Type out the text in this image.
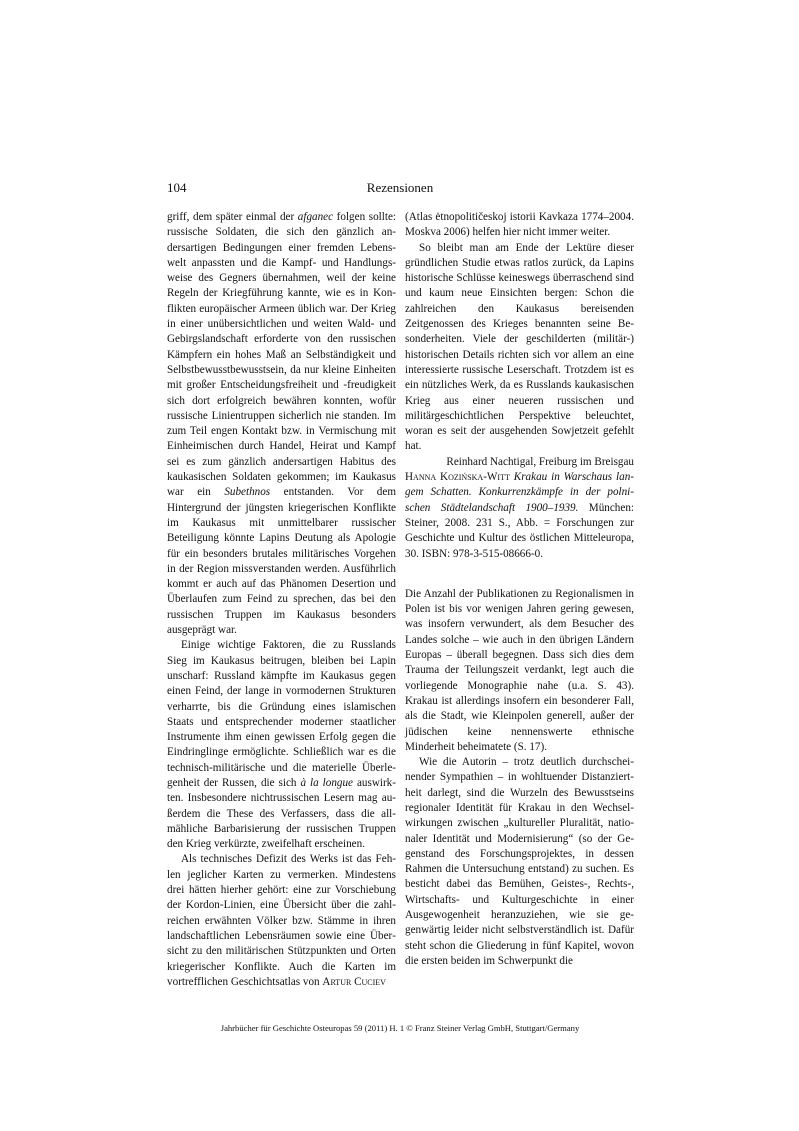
104	Rezensionen

griff, dem später einmal der afganec folgen sollte: russische Soldaten, die sich den gänzlich andersartigen Bedingungen einer fremden Lebenswelt anpassten und die Kampf- und Handlungsweise des Gegners übernahmen, weil der keine Regeln der Kriegführung kannte, wie es in Konflikten europäischer Armeen üblich war. Der Krieg in einer unübersichtlichen und weiten Wald- und Gebirgslandschaft erforderte von den russischen Kämpfern ein hohes Maß an Selbständigkeit und Selbstbewusstbewusstsein, da nur kleine Einheiten mit großer Entscheidungsfreiheit und -freudigkeit sich dort erfolgreich bewähren konnten, wofür russische Linientruppen sicherlich nie standen. Im zum Teil engen Kontakt bzw. in Vermischung mit Einheimischen durch Handel, Heirat und Kampf sei es zum gänzlich andersartigen Habitus des kaukasischen Soldaten gekommen; im Kaukasus war ein Subethnos entstanden. Vor dem Hintergrund der jüngsten kriegerischen Konflikte im Kaukasus mit unmittelbarer russischer Beteiligung könnte Lapins Deutung als Apologie für ein besonders brutales militärisches Vorgehen in der Region missverstanden werden. Ausführlich kommt er auch auf das Phänomen Desertion und Überlaufen zum Feind zu sprechen, das bei den russischen Truppen im Kaukasus besonders ausgeprägt war.

Einige wichtige Faktoren, die zu Russlands Sieg im Kaukasus beitrugen, bleiben bei Lapin unscharf: Russland kämpfte im Kaukasus gegen einen Feind, der lange in vormodernen Strukturen verharrte, bis die Gründung eines islamischen Staats und entsprechender moderner staatlicher Instrumente ihm einen gewissen Erfolg gegen die Eindringlinge ermöglichte. Schließlich war es die technisch-militärische und die materielle Überlegenheit der Russen, die sich à la longue auswirkten. Insbesondere nichtrussischen Lesern mag außerdem die These des Verfassers, dass die allmähliche Barbarisierung der russischen Truppen den Krieg verkürzte, zweifelhaft erscheinen.

Als technisches Defizit des Werks ist das Fehlen jeglicher Karten zu vermerken. Mindestens drei hätten hierher gehört: eine zur Vorschiebung der Kordon-Linien, eine Übersicht über die zahlreichen erwähnten Völker bzw. Stämme in ihren landschaftlichen Lebensräumen sowie eine Übersicht zu den militärischen Stützpunkten und Orten kriegerischer Konflikte. Auch die Karten im vortrefflichen Geschichtsatlas von Artur Cuciev

(Atlas ėtnopolitičeskoj istorii Kavkaza 1774–2004. Moskva 2006) helfen hier nicht immer weiter.

So bleibt man am Ende der Lektüre dieser gründlichen Studie etwas ratlos zurück, da Lapins historische Schlüsse keineswegs überraschend sind und kaum neue Einsichten bergen: Schon die zahlreichen den Kaukasus bereisenden Zeitgenossen des Krieges benannten seine Besonderheiten. Viele der geschilderten (militär-) historischen Details richten sich vor allem an eine interessierte russische Leserschaft. Trotzdem ist es ein nützliches Werk, da es Russlands kaukasischen Krieg aus einer neueren russischen und militärgeschichtlichen Perspektive beleuchtet, woran es seit der ausgehenden Sowjetzeit gefehlt hat.

Reinhard Nachtigal, Freiburg im Breisgau

Hanna Kozińska-Witt Krakau in Warschaus langem Schatten. Konkurrenzkämpfe in der polnischen Städtelandschaft 1900–1939. München: Steiner, 2008. 231 S., Abb. = Forschungen zur Geschichte und Kultur des östlichen Mitteleuropa, 30. ISBN: 978-3-515-08666-0.

Die Anzahl der Publikationen zu Regionalismen in Polen ist bis vor wenigen Jahren gering gewesen, was insofern verwundert, als dem Besucher des Landes solche – wie auch in den übrigen Ländern Europas – überall begegnen. Dass sich dies dem Trauma der Teilungszeit verdankt, legt auch die vorliegende Monographie nahe (u.a. S. 43). Krakau ist allerdings insofern ein besonderer Fall, als die Stadt, wie Kleinpolen generell, außer der jüdischen keine nennenswerte ethnische Minderheit beheimatete (S. 17).

Wie die Autorin – trotz deutlich durchscheinender Sympathien – in wohltuender Distanziertheit darlegt, sind die Wurzeln des Bewusstseins regionaler Identität für Krakau in den Wechselwirkungen zwischen „kultureller Pluralität, nationaler Identität und Modernisierung“ (so der Gegenstand des Forschungsprojektes, in dessen Rahmen die Untersuchung entstand) zu suchen. Es besticht dabei das Bemühen, Geistes-, Rechts-, Wirtschafts- und Kulturgeschichte in einer Ausgewogenheit heranzuziehen, wie sie gegenwärtig leider nicht selbstverständlich ist. Dafür steht schon die Gliederung in fünf Kapitel, wovon die ersten beiden im Schwerpunkt die

Jahrbücher für Geschichte Osteuropas 59 (2011) H. 1 © Franz Steiner Verlag GmbH, Stuttgart/Germany
